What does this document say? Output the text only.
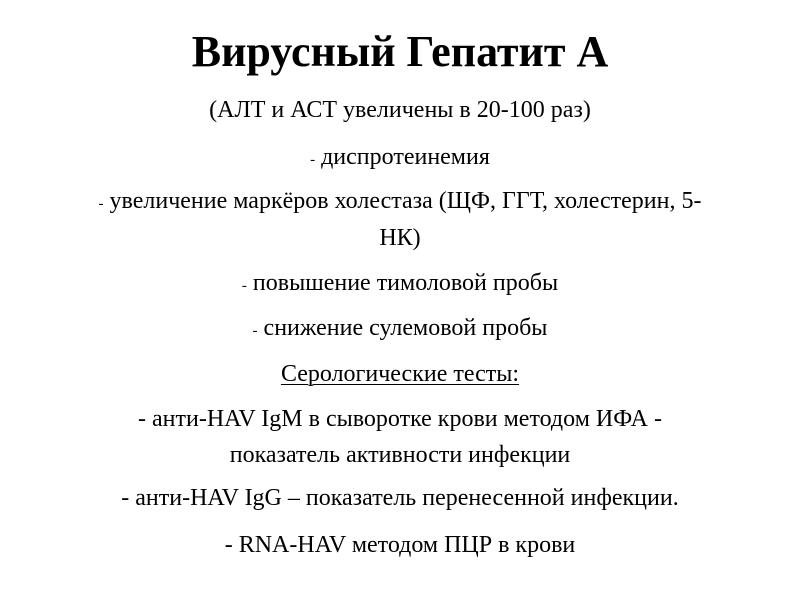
Вирусный Гепатит А
(АЛТ и АСТ увеличены в 20-100 раз)
- диспротеинемия
- увеличение маркёров холестаза (ЩФ, ГГТ, холестерин, 5-
НК)
- повышение тимоловой пробы
- снижение сулемовой пробы
Серологические тесты:
- анти-HAV IgM в сыворотке крови методом ИФА -
показатель активности инфекции
- анти-HAV IgG – показатель перенесенной инфекции.
- RNA-HAV методом ПЦР в крови
